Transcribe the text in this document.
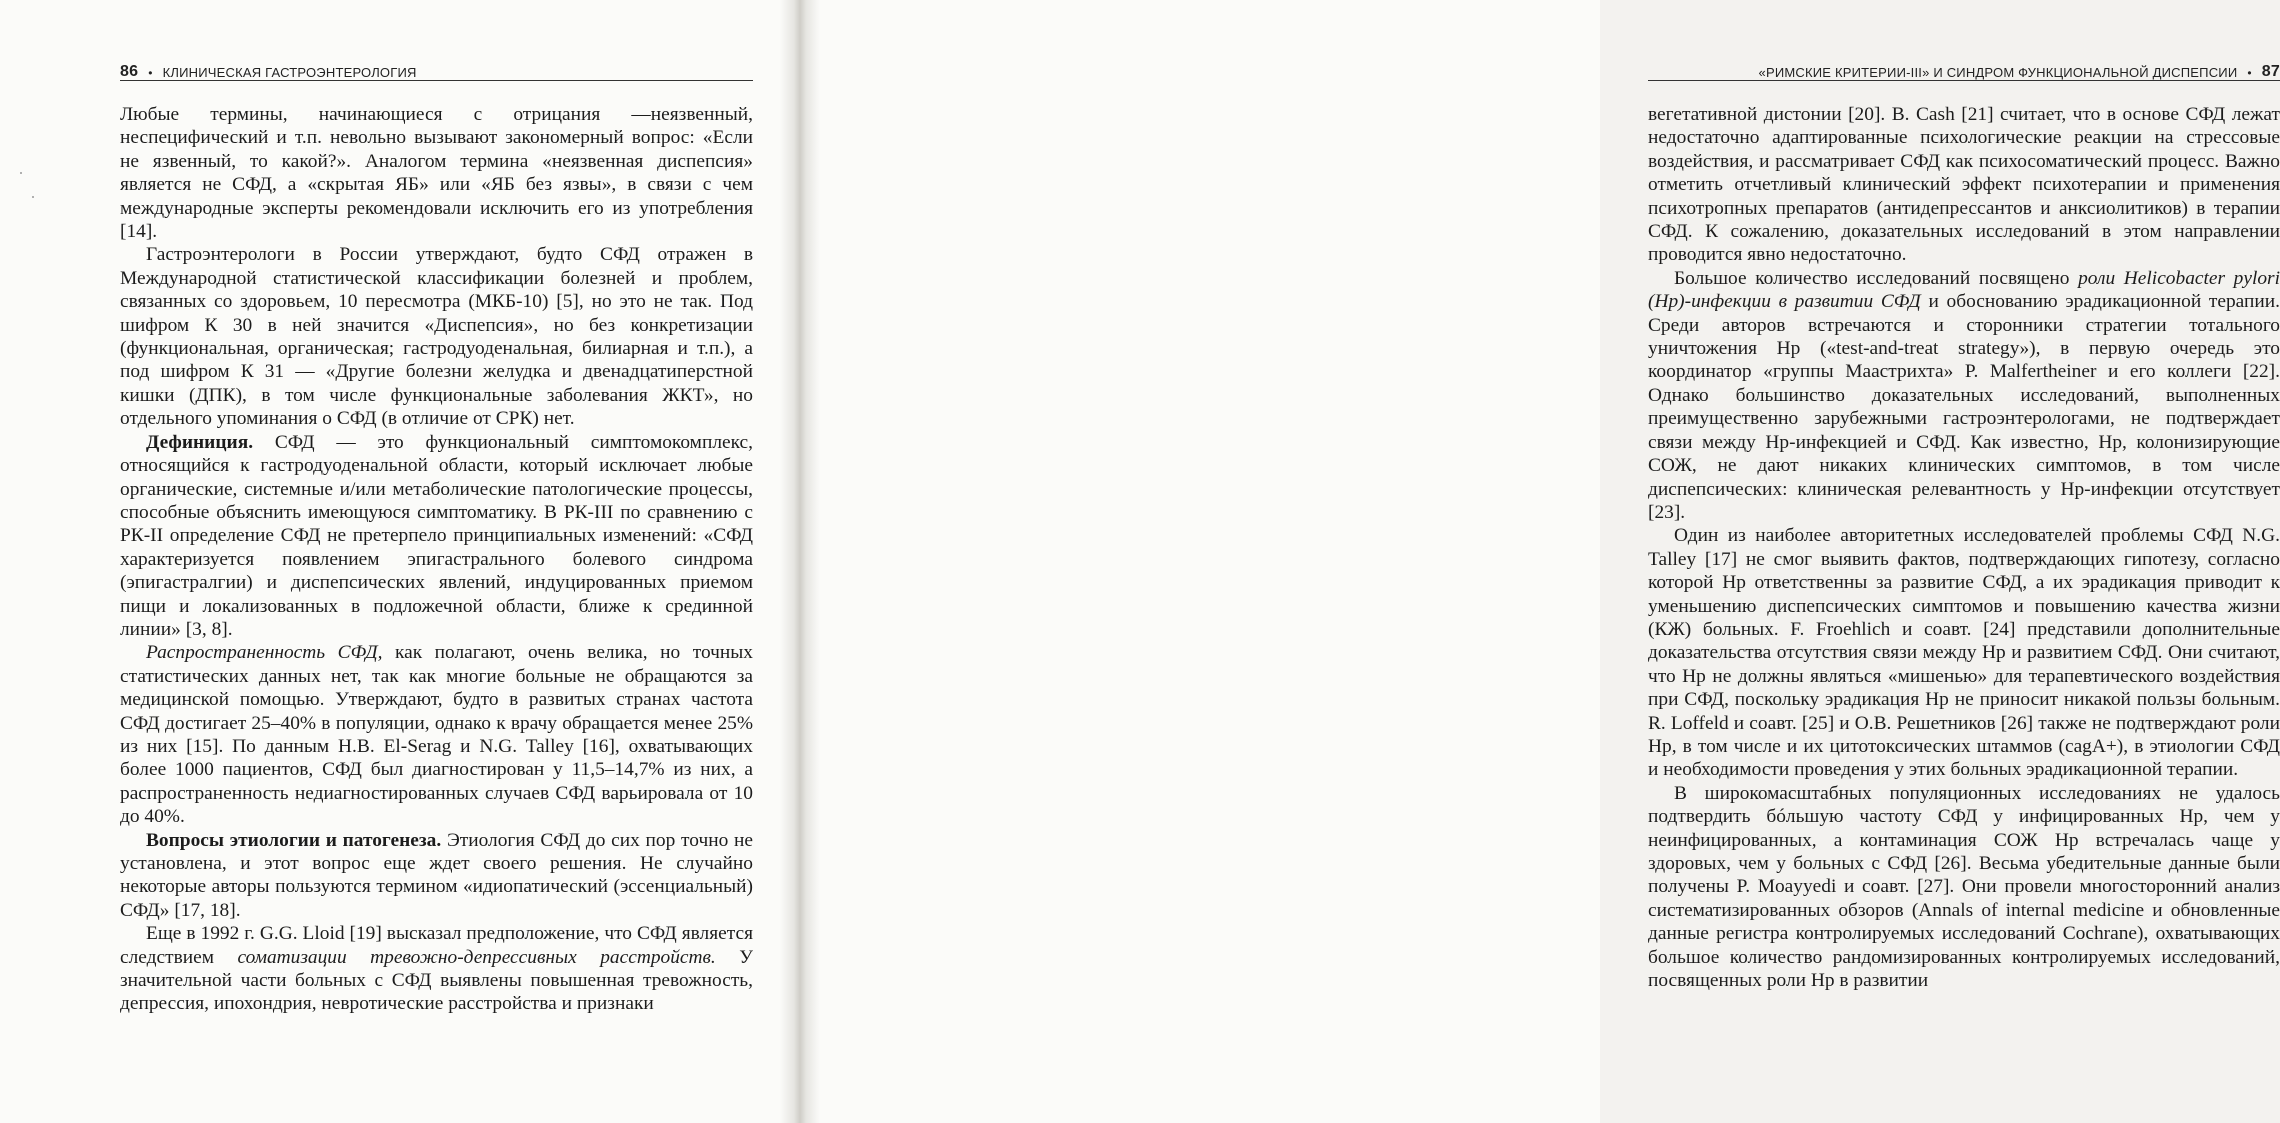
86 • КЛИНИЧЕСКАЯ ГАСТРОЭНТЕРОЛОГИЯ

Любые термины, начинающиеся с отрицания —неязвенный, неспецифический и т.п. невольно вызывают закономерный вопрос: «Если не язвенный, то какой?». Аналогом термина «неязвенная диспепсия» является не СФД, а «скрытая ЯБ» или «ЯБ без язвы», в связи с чем международные эксперты рекомендовали исключить его из употребления [14].

Гастроэнтерологи в России утверждают, будто СФД отражен в Международной статистической классификации болезней и проблем, связанных со здоровьем, 10 пересмотра (МКБ-10) [5], но это не так. Под шифром К 30 в ней значится «Диспепсия», но без конкретизации (функциональная, органическая; гастродуоденальная, билиарная и т.п.), а под шифром К 31 — «Другие болезни желудка и двенадцатиперстной кишки (ДПК), в том числе функциональные заболевания ЖКТ», но отдельного упоминания о СФД (в отличие от СРК) нет.

Дефиниция. СФД — это функциональный симптомокомплекс, относящийся к гастродуоденальной области, который исключает любые органические, системные и/или метаболические патологические процессы, способные объяснить имеющуюся симптоматику. В РК-III по сравнению с РК-II определение СФД не претерпело принципиальных изменений: «СФД характеризуется появлением эпигастрального болевого синдрома (эпигастралгии) и диспепсических явлений, индуцированных приемом пищи и локализованных в подложечной области, ближе к срединной линии» [3, 8].

Распространенность СФД, как полагают, очень велика, но точных статистических данных нет, так как многие больные не обращаются за медицинской помощью. Утверждают, будто в развитых странах частота СФД достигает 25–40% в популяции, однако к врачу обращается менее 25% из них [15]. По данным Н.В. El-Serag и N.G. Talley [16], охватывающих более 1000 пациентов, СФД был диагностирован у 11,5–14,7% из них, а распространенность недиагностированных случаев СФД варьировала от 10 до 40%.

Вопросы этиологии и патогенеза. Этиология СФД до сих пор точно не установлена, и этот вопрос еще ждет своего решения. Не случайно некоторые авторы пользуются термином «идиопатический (эссенциальный) СФД» [17, 18].

Еще в 1992 г. G.G. Lloid [19] высказал предположение, что СФД является следствием соматизации тревожно-депрессивных расстройств. У значительной части больных с СФД выявлены повышенная тревожность, депрессия, ипохондрия, невротические расстройства и признаки

«РИМСКИЕ КРИТЕРИИ-III» И СИНДРОМ ФУНКЦИОНАЛЬНОЙ ДИСПЕПСИИ • 87

вегетативной дистонии [20]. В. Cash [21] считает, что в основе СФД лежат недостаточно адаптированные психологические реакции на стрессовые воздействия, и рассматривает СФД как психосоматический процесс. Важно отметить отчетливый клинический эффект психотерапии и применения психотропных препаратов (антидепрессантов и анксиолитиков) в терапии СФД. К сожалению, доказательных исследований в этом направлении проводится явно недостаточно.

Большое количество исследований посвящено роли Helicobacter pylori (Hp)-инфекции в развитии СФД и обоснованию эрадикационной терапии. Среди авторов встречаются и сторонники стратегии тотального уничтожения Hp («test-and-treat strategy»), в первую очередь это координатор «группы Маастрихта» P. Malfertheiner и его коллеги [22]. Однако большинство доказательных исследований, выполненных преимущественно зарубежными гастроэнтерологами, не подтверждает связи между Hp-инфекцией и СФД. Как известно, Hp, колонизирующие СОЖ, не дают никаких клинических симптомов, в том числе диспепсических: клиническая релевантность у Hp-инфекции отсутствует [23].

Один из наиболее авторитетных исследователей проблемы СФД N.G. Talley [17] не смог выявить фактов, подтверждающих гипотезу, согласно которой Hp ответственны за развитие СФД, а их эрадикация приводит к уменьшению диспепсических симптомов и повышению качества жизни (КЖ) больных. F. Froehlich и соавт. [24] представили дополнительные доказательства отсутствия связи между Hp и развитием СФД. Они считают, что Hp не должны являться «мишенью» для терапевтического воздействия при СФД, поскольку эрадикация Hp не приносит никакой пользы больным. R. Loffeld и соавт. [25] и О.В. Решетников [26] также не подтверждают роли Hp, в том числе и их цитотоксических штаммов (cagA+), в этиологии СФД и необходимости проведения у этих больных эрадикационной терапии.

В широкомасштабных популяционных исследованиях не удалось подтвердить бóльшую частоту СФД у инфицированных Hp, чем у неинфицированных, а контаминация СОЖ Hp встречалась чаще у здоровых, чем у больных с СФД [26]. Весьма убедительные данные были получены P. Moayyedi и соавт. [27]. Они провели многосторонний анализ систематизированных обзоров (Annals of internal medicine и обновленные данные регистра контролируемых исследований Cochrane), охватывающих большое количество рандомизированных контролируемых исследований, посвященных роли Hp в развитии
